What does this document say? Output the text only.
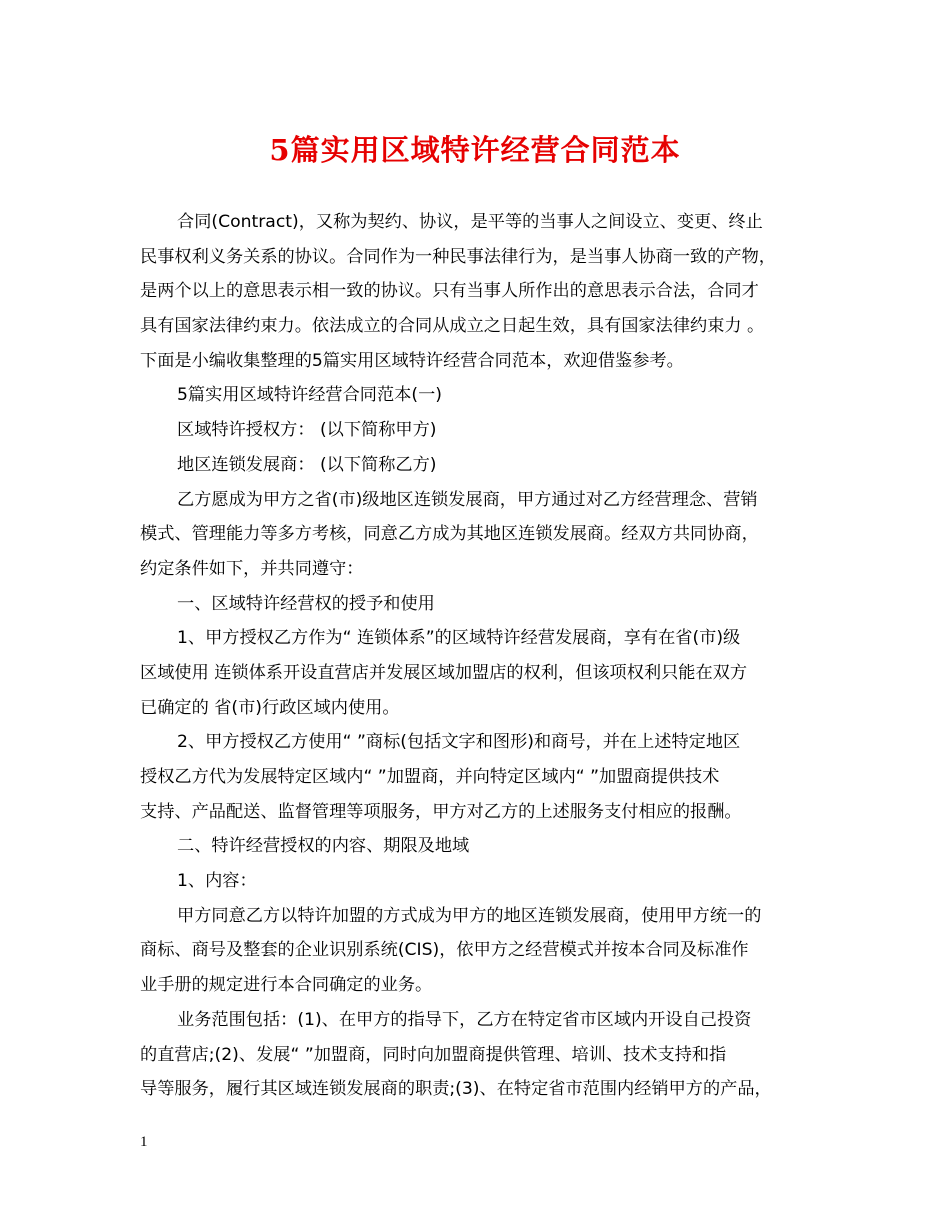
5篇实用区域特许经营合同范本
合同(Contract)，又称为契约、协议，是平等的当事人之间设立、变更、终止
民事权利义务关系的协议。合同作为一种民事法律行为，是当事人协商一致的产物，
是两个以上的意思表示相一致的协议。只有当事人所作出的意思表示合法，合同才
具有国家法律约束力。依法成立的合同从成立之日起生效，具有国家法律约束力 。
下面是小编收集整理的5篇实用区域特许经营合同范本，欢迎借鉴参考。
5篇实用区域特许经营合同范本(一)
区域特许授权方： (以下简称甲方)
地区连锁发展商： (以下简称乙方)
乙方愿成为甲方之省(市)级地区连锁发展商，甲方通过对乙方经营理念、营销
模式、管理能力等多方考核，同意乙方成为其地区连锁发展商。经双方共同协商，
约定条件如下，并共同遵守：
一、区域特许经营权的授予和使用
1、甲方授权乙方作为“ 连锁体系”的区域特许经营发展商，享有在省(市)级
区域使用 连锁体系开设直营店并发展区域加盟店的权利，但该项权利只能在双方
已确定的 省(市)行政区域内使用。
2、甲方授权乙方使用“ ”商标(包括文字和图形)和商号，并在上述特定地区
授权乙方代为发展特定区域内“ ”加盟商，并向特定区域内“ ”加盟商提供技术
支持、产品配送、监督管理等项服务，甲方对乙方的上述服务支付相应的报酬。
二、特许经营授权的内容、期限及地域
1、内容：
甲方同意乙方以特许加盟的方式成为甲方的地区连锁发展商，使用甲方统一的
商标、商号及整套的企业识别系统(CIS)，依甲方之经营模式并按本合同及标准作
业手册的规定进行本合同确定的业务。
业务范围包括：(1)、在甲方的指导下，乙方在特定省市区域内开设自己投资
的直营店;(2)、发展“ ”加盟商，同时向加盟商提供管理、培训、技术支持和指
导等服务，履行其区域连锁发展商的职责;(3)、在特定省市范围内经销甲方的产品，
1
